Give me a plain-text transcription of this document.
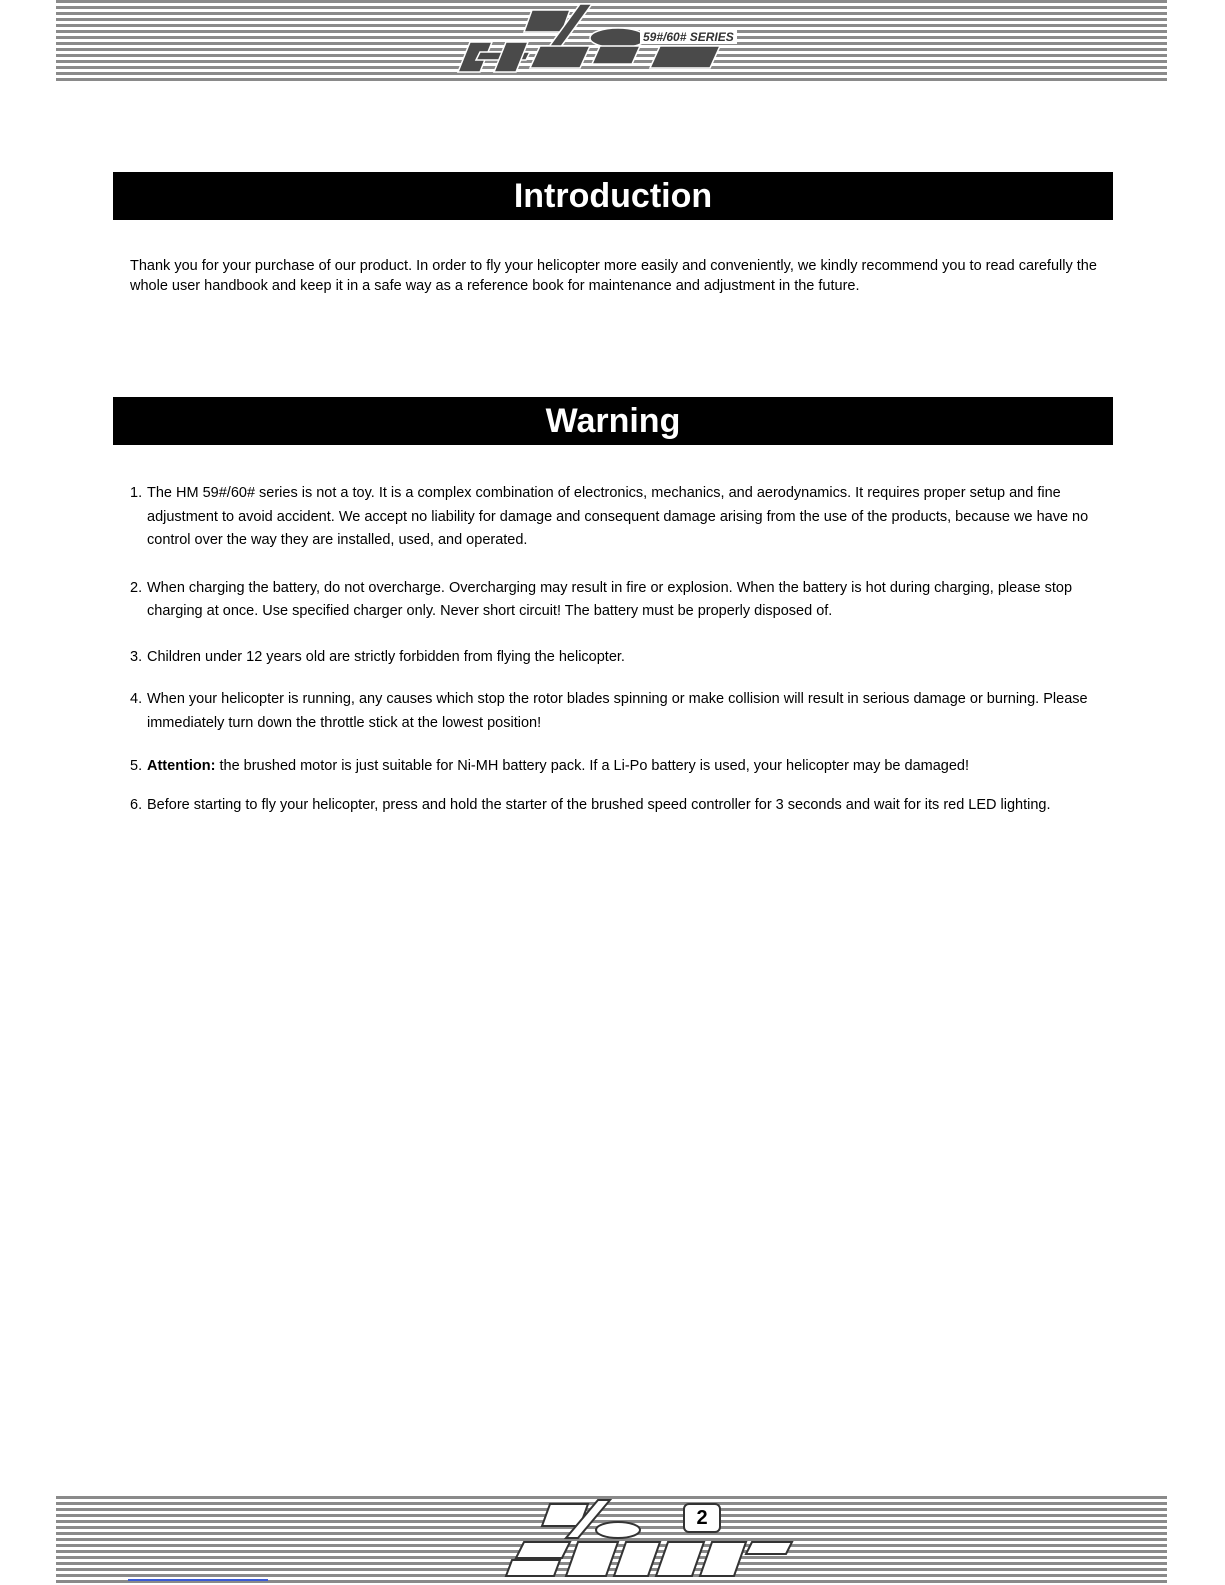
59#/60# SERIES
Introduction

Thank you for your purchase of our product. In order to fly your helicopter more easily and conveniently, we kindly recommend you to read carefully the whole user handbook and keep it in a safe way as a reference book for maintenance and adjustment in the future.

Warning
1. The HM 59#/60# series is not a toy. It is a complex combination of electronics, mechanics, and aerodynamics. It requires proper setup and fine adjustment to avoid accident. We accept no liability for damage and consequent damage arising from the use of the products, because we have no control over the way they are installed, used, and operated.
2. When charging the battery, do not overcharge. Overcharging may result in fire or explosion. When the battery is hot during charging, please stop charging at once. Use specified charger only. Never short circuit! The battery must be properly disposed of.
3. Children under 12 years old are strictly forbidden from flying the helicopter.
4. When your helicopter is running, any causes which stop the rotor blades spinning or make collision will result in serious damage or burning. Please immediately turn down the throttle stick at the lowest position!
5. Attention: the brushed motor is just suitable for Ni-MH battery pack. If a Li-Po battery is used, your helicopter may be damaged!
6. Before starting to fly your helicopter, press and hold the starter of the brushed speed controller for 3 seconds and wait for its red LED lighting.
2
